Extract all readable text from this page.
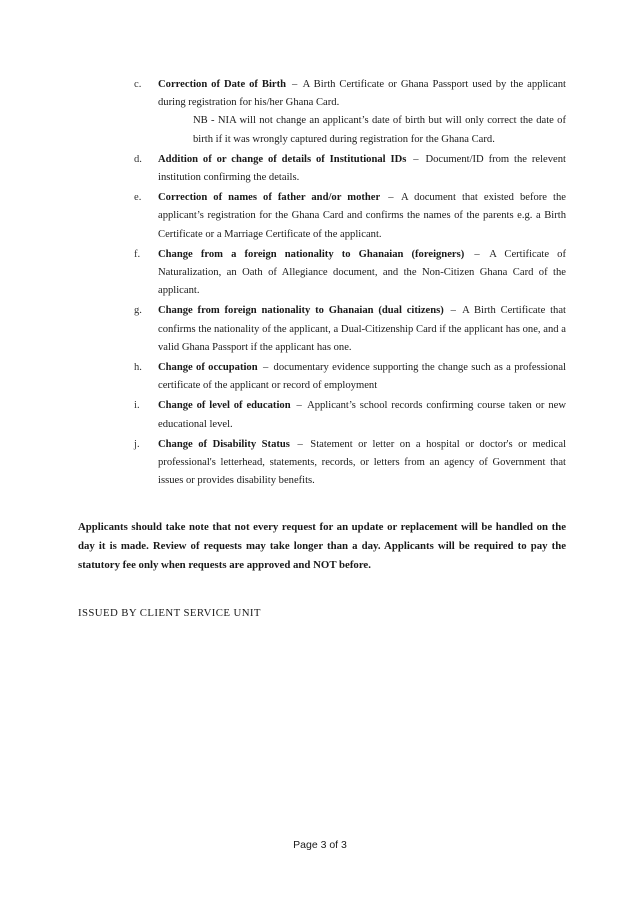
c.	Correction of Date of Birth – A Birth Certificate or Ghana Passport used by the applicant during registration for his/her Ghana Card.
NB - NIA will not change an applicant’s date of birth but will only correct the date of birth if it was wrongly captured during registration for the Ghana Card.
d.	Addition of or change of details of Institutional IDs – Document/ID from the relevent institution confirming the details.
e.	Correction of names of father and/or mother – A document that existed before the applicant’s registration for the Ghana Card and confirms the names of the parents e.g. a Birth Certificate or a Marriage Certificate of the applicant.
f.	Change from a foreign nationality to Ghanaian (foreigners) – A Certificate of Naturalization, an Oath of Allegiance document, and the Non-Citizen Ghana Card of the applicant.
g.	Change from foreign nationality to Ghanaian (dual citizens) – A Birth Certificate that confirms the nationality of the applicant, a Dual-Citizenship Card if the applicant has one, and a valid Ghana Passport if the applicant has one.
h.	Change of occupation – documentary evidence supporting the change such as a professional certificate of the applicant or record of employment
i.	Change of level of education – Applicant’s school records confirming course taken or new educational level.
j.	Change of Disability Status – Statement or letter on a hospital or doctor's or medical professional's letterhead, statements, records, or letters from an agency of Government that issues or provides disability benefits.

Applicants should take note that not every request for an update or replacement will be handled on the day it is made. Review of requests may take longer than a day. Applicants will be required to pay the statutory fee only when requests are approved and NOT before.

ISSUED BY CLIENT SERVICE UNIT

Page 3 of 3
